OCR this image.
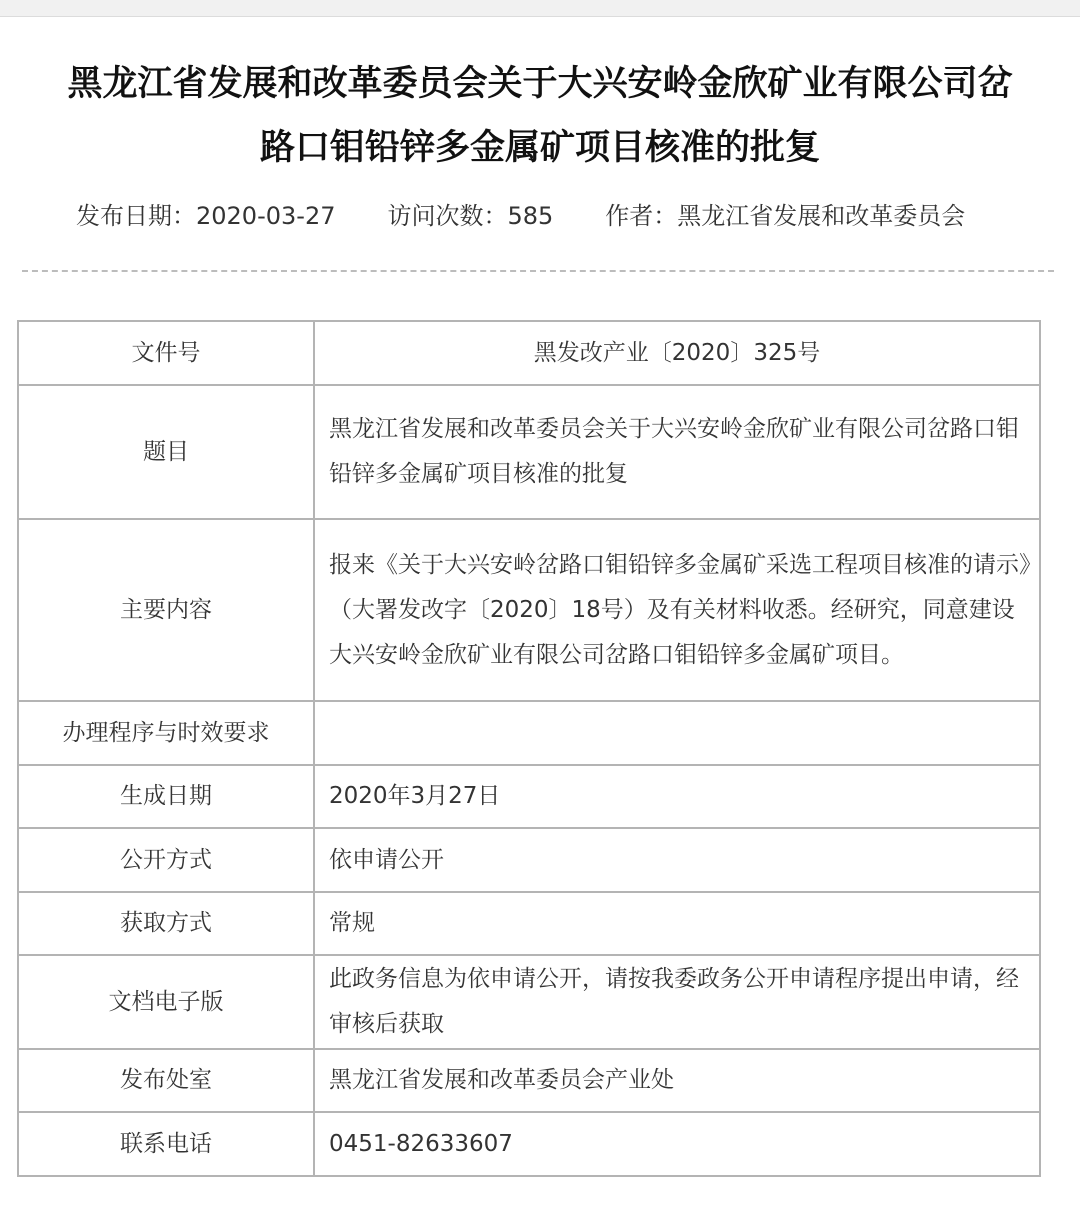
黑龙江省发展和改革委员会关于大兴安岭金欣矿业有限公司岔
路口钼铅锌多金属矿项目核准的批复
发布日期：2020-03-27 访问次数：585 作者：黑龙江省发展和改革委员会
文件号	黑发改产业〔2020〕325号
题目	黑龙江省发展和改革委员会关于大兴安岭金欣矿业有限公司岔路口钼铅锌多金属矿项目核准的批复
主要内容	报来《关于大兴安岭岔路口钼铅锌多金属矿采选工程项目核准的请示》（大署发改字〔2020〕18号）及有关材料收悉。经研究，同意建设大兴安岭金欣矿业有限公司岔路口钼铅锌多金属矿项目。
办理程序与时效要求	
生成日期	2020年3月27日
公开方式	依申请公开
获取方式	常规
文档电子版	此政务信息为依申请公开，请按我委政务公开申请程序提出申请，经审核后获取
发布处室	黑龙江省发展和改革委员会产业处
联系电话	0451-82633607
